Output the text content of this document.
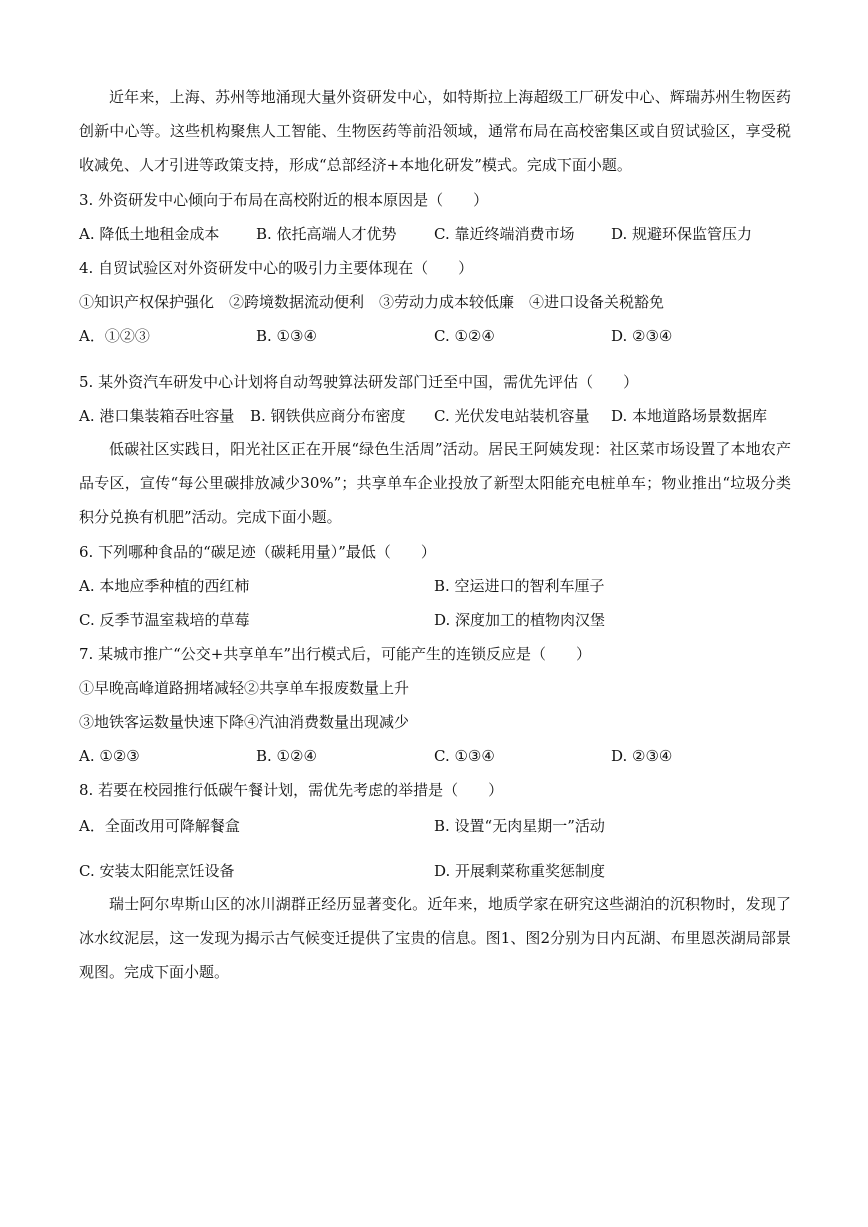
近年来，上海、苏州等地涌现大量外资研发中心，如特斯拉上海超级工厂研发中心、辉瑞苏州生物医药创新中心等。这些机构聚焦人工智能、生物医药等前沿领域，通常布局在高校密集区或自贸试验区，享受税收减免、人才引进等政策支持，形成“总部经济+本地化研发”模式。完成下面小题。
3. 外资研发中心倾向于布局在高校附近的根本原因是（　　）
A. 降低土地租金成本 B. 依托高端人才优势 C. 靠近终端消费市场 D. 规避环保监管压力
4. 自贸试验区对外资研发中心的吸引力主要体现在（　　）
①知识产权保护强化　②跨境数据流动便利　③劳动力成本较低廉　④进口设备关税豁免
A．①②③	B. ①③④	C. ①②④	D. ②③④
5. 某外资汽车研发中心计划将自动驾驶算法研发部门迁至中国，需优先评估（　　）
A. 港口集装箱吞吐容量 B. 钢铁供应商分布密度 C. 光伏发电站装机容量 D. 本地道路场景数据库
低碳社区实践日，阳光社区正在开展“绿色生活周”活动。居民王阿姨发现：社区菜市场设置了本地农产品专区，宣传“每公里碳排放减少30%”；共享单车企业投放了新型太阳能充电桩单车；物业推出“垃圾分类积分兑换有机肥”活动。完成下面小题。
6. 下列哪种食品的“碳足迹（碳耗用量）”最低（　　）
A. 本地应季种植的西红柿	B. 空运进口的智利车厘子
C. 反季节温室栽培的草莓	D. 深度加工的植物肉汉堡
7. 某城市推广“公交+共享单车”出行模式后，可能产生的连锁反应是（　　）
①早晚高峰道路拥堵减轻②共享单车报废数量上升
③地铁客运数量快速下降④汽油消费数量出现减少
A. ①②③	B. ①②④	C. ①③④	D. ②③④
8. 若要在校园推行低碳午餐计划，需优先考虑的举措是（　　）
A．全面改用可降解餐盒	B. 设置“无肉星期一”活动
C. 安装太阳能烹饪设备	D. 开展剩菜称重奖惩制度
瑞士阿尔卑斯山区的冰川湖群正经历显著变化。近年来，地质学家在研究这些湖泊的沉积物时，发现了冰水纹泥层，这一发现为揭示古气候变迁提供了宝贵的信息。图1、图2分别为日内瓦湖、布里恩茨湖局部景观图。完成下面小题。
